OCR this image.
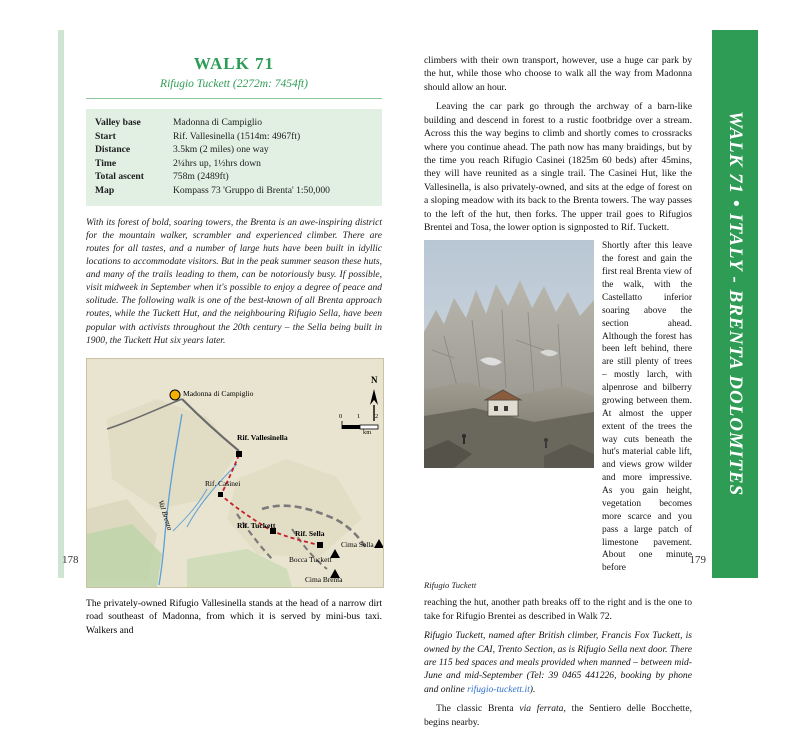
WALK 71
Rifugio Tuckett (2272m: 7454ft)
Valley base	Madonna di Campiglio
Start	Rif. Vallesinella (1514m: 4967ft)
Distance	3.5km (2 miles) one way
Time	2¼hrs up, 1½hrs down
Total ascent	758m (2489ft)
Map	Kompass 73 'Gruppo di Brenta' 1:50,000
With its forest of bold, soaring towers, the Brenta is an awe-inspiring district for the mountain walker, scrambler and experienced climber. There are routes for all tastes, and a number of large huts have been built in idyllic locations to accommodate visitors. But in the peak summer season these huts, and many of the trails leading to them, can be notoriously busy. If possible, visit midweek in September when it's possible to enjoy a degree of peace and solitude. The following walk is one of the best-known of all Brenta approach routes, while the Tuckett Hut, and the neighbouring Rifugio Sella, have been popular with activists throughout the 20th century – the Sella being built in 1900, the Tuckett Hut six years later.
Madonna di Campiglio
Rif. Vallesinella
Rif. Casinei
Rif. Tuckett
Rif. Sella
Cima Sella
Bocca Tuckett
Cima Brenta
Val Brenta
N
0 1 2
km
The privately-owned Rifugio Vallesinella stands at the head of a narrow dirt road southeast of Madonna, from which it is served by mini-bus taxi. Walkers and
178

climbers with their own transport, however, use a huge car park by the hut, while those who choose to walk all the way from Madonna should allow an hour.

Leaving the car park go through the archway of a barn-like building and descend in forest to a rustic footbridge over a stream. Across this the way begins to climb and shortly comes to crossracks where you continue ahead. The path now has many braidings, but by the time you reach Rifugio Casinei (1825m 60 beds) after 45mins, they will have reunited as a single trail. The Casinei Hut, like the Vallesinella, is also privately-owned, and sits at the edge of forest on a sloping meadow with its back to the Brenta towers. The way passes to the left of the hut, then forks. The upper trail goes to Rifugios Brentei and Tosa, the lower option is signposted to Rif. Tuckett.

Shortly after this leave the forest and gain the first real Brenta view of the walk, with the Castellatto inferior soaring above the section ahead. Although the forest has been left behind, there are still plenty of trees – mostly larch, with alpenrose and bilberry growing between them. At almost the upper extent of the trees the way cuts beneath the hut's material cable lift, and views grow wilder and more impressive. As you gain height, vegetation becomes more scarce and you pass a large patch of limestone pavement. About one minute before

Rifugio Tuckett

reaching the hut, another path breaks off to the right and is the one to take for Rifugio Brentei as described in Walk 72.

Rifugio Tuckett, named after British climber, Francis Fox Tuckett, is owned by the CAI, Trento Section, as is Rifugio Sella next door. There are 115 bed spaces and meals provided when manned – between mid-June and mid-September (Tel: 39 0465 441226, booking by phone and online rifugio-tuckett.it).

The classic Brenta via ferrata, the Sentiero delle Bocchette, begins nearby.

179
WALK 71 • ITALY - BRENTA DOLOMITES
